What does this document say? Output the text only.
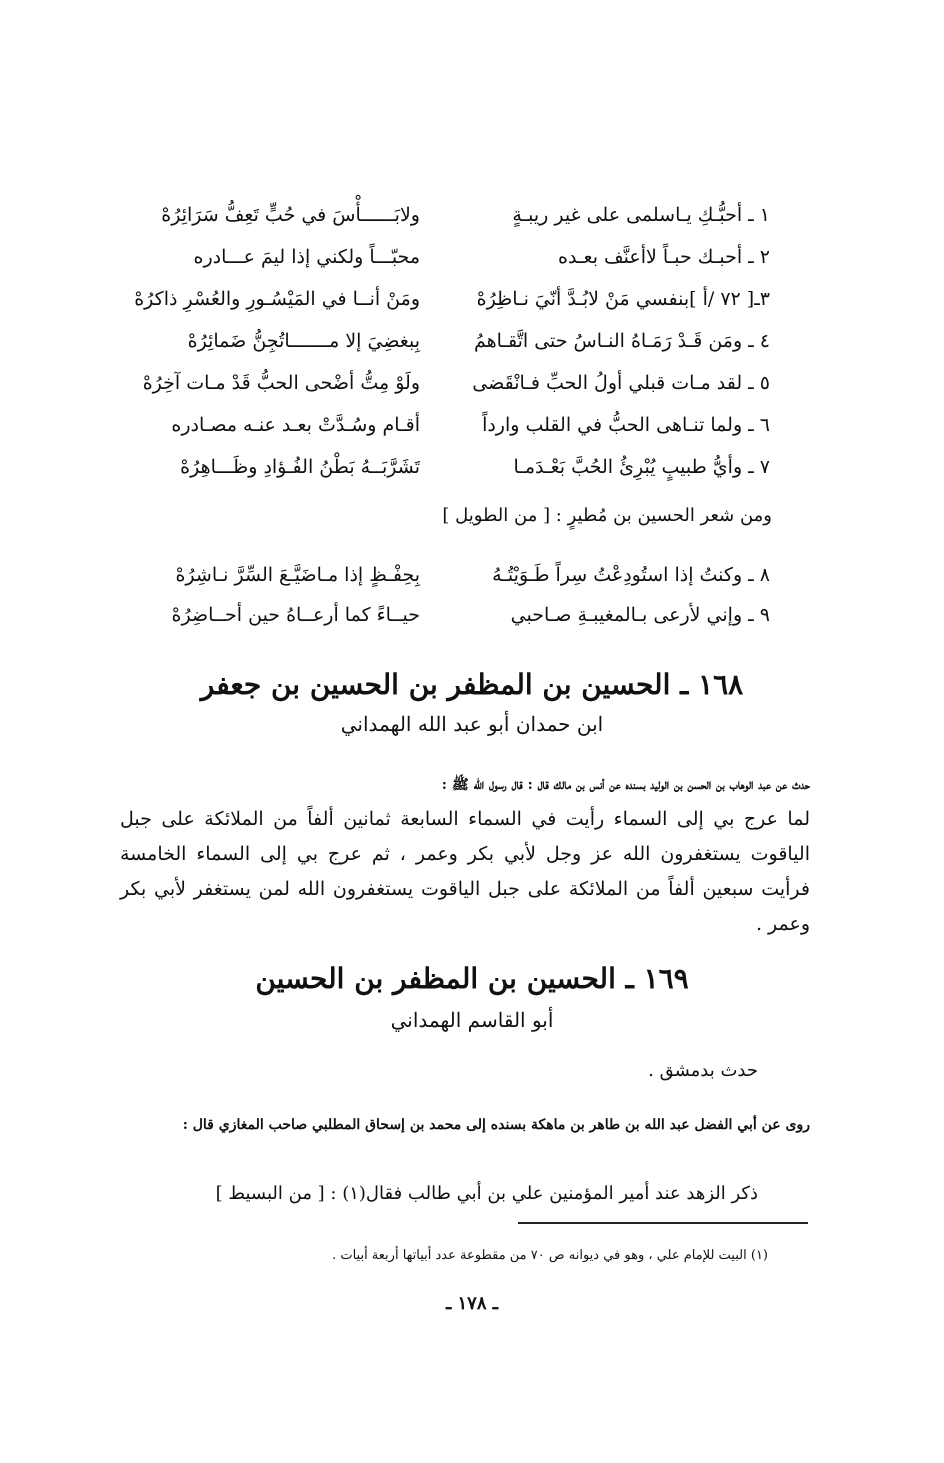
١ ـ أحبُّـكِ يـاسلمى على غير ريبـةٍ
ولابَــــــأْسَ في حُبٍّ تَعِفُّ سَرَائِرُهْ
٢ ـ أحبـك حبـاً لاأعنَّف بعـده
محبّـــاً ولكني إذا ليمَ عـــادره
٣ـ[ ٧٢ /أ ]بنفسي مَنْ لابُـدَّ أنّيَ نـاظِرُهْ
ومَنْ أنــا في المَيْسُـورِ والعُسْرِ ذاكرُهْ
٤ ـ ومَن قَـدْ رَمَـاهُ النـاسُ حتى اتَّقـاهمُ
بِبغضِيَ إلا مـــــــاتُجِنُّ ضَمائِرُهْ
٥ ـ لقد مـات قبلي أولُ الحبِّ فـانْقَضى
ولَوْ مِتُّ أضْحى الحبُّ قَدْ مـات آخِرُهْ
٦ ـ ولما تنـاهى الحبُّ في القلب وارداً
أقـام وسُـدَّتْ بعـد عنـه مصـادره
٧ ـ وأيُّ طبيبٍ يُبْرِئُ الحُبَّ بَعْـدَمـا
تَشَرَّبَــهُ بَطْنُ الفُـؤادِ وظَـــاهِرُهْ
ومن شعر الحسين بن مُطيرٍ : [ من الطويل ]
٨ ـ وكنتُ إذا استُودِعْتُ سِراً طَـوَيْتُـهُ
بِحِفْـظٍ إذا مـاضَيَّـعَ السِّرَّ نـاشِرُهْ
٩ ـ وإني لأرعى بـالمغيبـةِ صـاحبي
حيــاءً كما أرعــاهُ حين أحــاضِرُهْ
١٦٨ ـ الحسين بن المظفر بن الحسين بن جعفر
ابن حمدان أبو عبد الله الهمداني
حدث عن عبد الوهاب بن الحسن بن الوليد بسنده عن أنس بن مالك قال : قال رسول الله ﷺ :
لما عرج بي إلى السماء رأيت في السماء السابعة ثمانين ألفاً من الملائكة على جبل الياقوت يستغفرون الله عز وجل لأبي بكر وعمر ، ثم عرج بي إلى السماء الخامسة فرأيت سبعين ألفاً من الملائكة على جبل الياقوت يستغفرون الله لمن يستغفر لأبي بكر وعمر .
١٦٩ ـ الحسين بن المظفر بن الحسين
أبو القاسم الهمداني
حدث بدمشق .
روى عن أبي الفضل عبد الله بن طاهر بن ماهكة بسنده إلى محمد بن إسحاق المطلبي صاحب المغازي قال :
ذكر الزهد عند أمير المؤمنين علي بن أبي طالب فقال(١) : [ من البسيط ]
(١) البيت للإمام علي ، وهو في ديوانه ص ٧٠ من مقطوعة عدد أبياتها أربعة أبيات .
ـ ١٧٨ ـ
